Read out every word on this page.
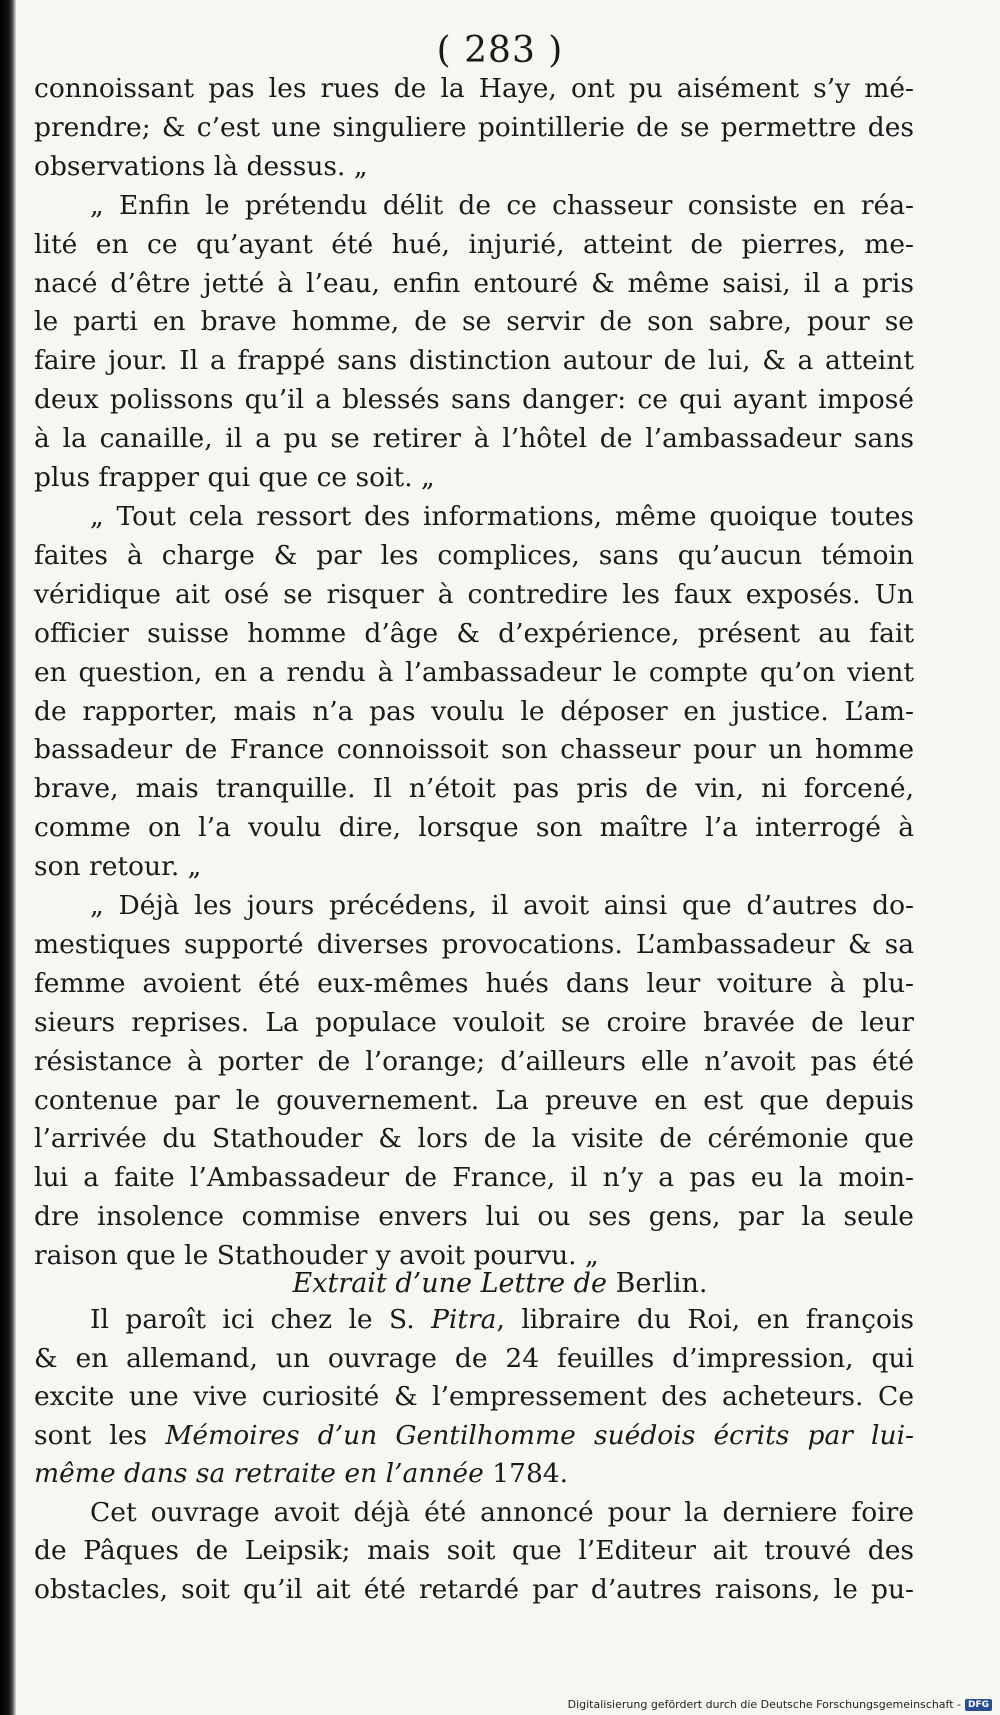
( 283 )
connoissant pas les rues de la Haye, ont pu aisément s’y mé-
prendre; & c’est une singuliere pointillerie de se permettre des
observations là dessus. „
„ Enfin le prétendu délit de ce chasseur consiste en réa-
lité en ce qu’ayant été hué, injurié, atteint de pierres, me-
nacé d’être jetté à l’eau, enfin entouré & même saisi, il a pris
le parti en brave homme, de se servir de son sabre, pour se
faire jour. Il a frappé sans distinction autour de lui, & a atteint
deux polissons qu’il a blessés sans danger: ce qui ayant imposé
à la canaille, il a pu se retirer à l’hôtel de l’ambassadeur sans
plus frapper qui que ce soit. „
„ Tout cela ressort des informations, même quoique toutes
faites à charge & par les complices, sans qu’aucun témoin
véridique ait osé se risquer à contredire les faux exposés. Un
officier suisse homme d’âge & d’expérience, présent au fait
en question, en a rendu à l’ambassadeur le compte qu’on vient
de rapporter, mais n’a pas voulu le déposer en justice. L’am-
bassadeur de France connoissoit son chasseur pour un homme
brave, mais tranquille. Il n’étoit pas pris de vin, ni forcené,
comme on l’a voulu dire, lorsque son maître l’a interrogé à
son retour. „
„ Déjà les jours précédens, il avoit ainsi que d’autres do-
mestiques supporté diverses provocations. L’ambassadeur & sa
femme avoient été eux-mêmes hués dans leur voiture à plu-
sieurs reprises. La populace vouloit se croire bravée de leur
résistance à porter de l’orange; d’ailleurs elle n’avoit pas été
contenue par le gouvernement. La preuve en est que depuis
l’arrivée du Stathouder & lors de la visite de cérémonie que
lui a faite l’Ambassadeur de France, il n’y a pas eu la moin-
dre insolence commise envers lui ou ses gens, par la seule
raison que le Stathouder y avoit pourvu. „
Extrait d’une Lettre de Berlin.
Il paroît ici chez le S. Pitra, libraire du Roi, en françois
& en allemand, un ouvrage de 24 feuilles d’impression, qui
excite une vive curiosité & l’empressement des acheteurs. Ce
sont les Mémoires d’un Gentilhomme suédois écrits par lui-
même dans sa retraite en l’année 1784.
Cet ouvrage avoit déjà été annoncé pour la derniere foire
de Pâques de Leipsik; mais soit que l’Editeur ait trouvé des
obstacles, soit qu’il ait été retardé par d’autres raisons, le pu-
Digitalisierung gefördert durch die Deutsche Forschungsgemeinschaft - DFG
